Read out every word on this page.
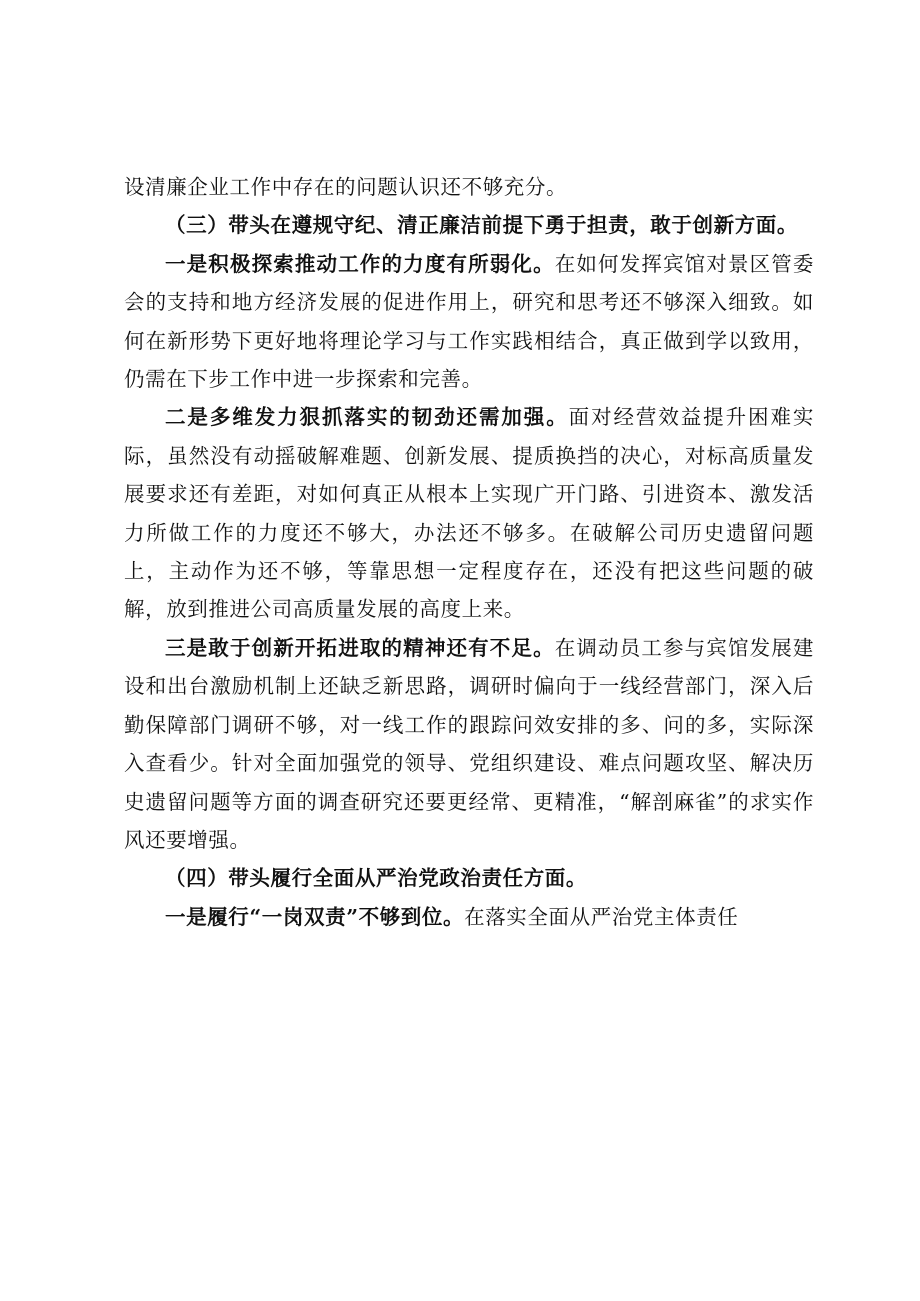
设清廉企业工作中存在的问题认识还不够充分。

（三）带头在遵规守纪、清正廉洁前提下勇于担责，敢于创新方面。

一是积极探索推动工作的力度有所弱化。在如何发挥宾馆对景区管委会的支持和地方经济发展的促进作用上，研究和思考还不够深入细致。如何在新形势下更好地将理论学习与工作实践相结合，真正做到学以致用，仍需在下步工作中进一步探索和完善。

二是多维发力狠抓落实的韧劲还需加强。面对经营效益提升困难实际，虽然没有动摇破解难题、创新发展、提质换挡的决心，对标高质量发展要求还有差距，对如何真正从根本上实现广开门路、引进资本、激发活力所做工作的力度还不够大，办法还不够多。在破解公司历史遗留问题上，主动作为还不够，等靠思想一定程度存在，还没有把这些问题的破解，放到推进公司高质量发展的高度上来。

三是敢于创新开拓进取的精神还有不足。在调动员工参与宾馆发展建设和出台激励机制上还缺乏新思路，调研时偏向于一线经营部门，深入后勤保障部门调研不够，对一线工作的跟踪问效安排的多、问的多，实际深入查看少。针对全面加强党的领导、党组织建设、难点问题攻坚、解决历史遗留问题等方面的调查研究还要更经常、更精准，“解剖麻雀”的求实作风还要增强。

（四）带头履行全面从严治党政治责任方面。

一是履行“一岗双责”不够到位。在落实全面从严治党主体责任
